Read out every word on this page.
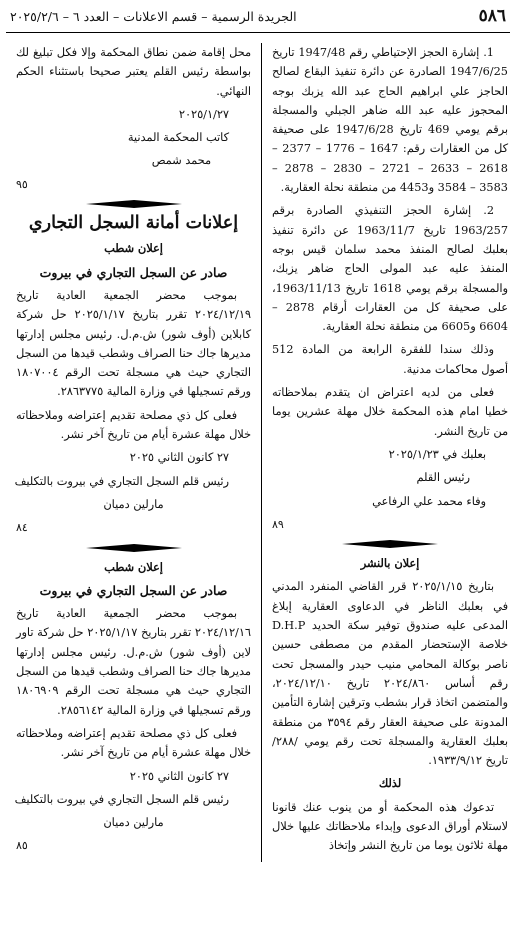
٥٨٦
الجريدة الرسمية – قسم الاعلانات – العدد ٦ – ٢٠٢٥/٢/٦

1. إشارة الحجز الإحتياطي رقم 1947/48 تاريخ 1947/6/25 الصادرة عن دائرة تنفيذ البقاع لصالح الحاجز علي ابراهيم الحاج عبد الله يزبك بوجه المحجوز عليه عبد الله ضاهر الجبلي والمسجلة برقم يومي 469 تاريخ 1947/6/28 على صحيفة كل من العقارات رقم: 1647 – 1776 – 2377 – 2618 – 2633 – 2721 – 2830 – 2878 – 3583 – 3584 و4453 من منطقة نحلة العقارية.

2. إشارة الحجز التنفيذي الصادرة برقم 1963/257 تاريخ 1963/11/7 عن دائرة تنفيذ بعلبك لصالح المنفذ محمد سلمان قيس بوجه المنفذ عليه عبد المولى الحاج ضاهر يزبك، والمسجلة برقم يومي 1618 تاريخ 1963/11/13، على صحيفة كل من العقارات أرقام 2878 – 6604 و6605 من منطقة نحلة العقارية.

وذلك سندا للفقرة الرابعة من المادة 512 أصول محاكمات مدنية.

فعلى من لديه اعتراض ان يتقدم بملاحظاته خطيا امام هذه المحكمة خلال مهلة عشرين يوما من تاريخ النشر.

بعلبك في ٢٠٢٥/١/٢٣

رئيس القلم

وفاء محمد علي الرفاعي

٨٩

إعلان بالنشر

بتاريخ ٢٠٢٥/١/١٥ قرر القاضي المنفرد المدني في بعلبك الناظر في الدعاوى العقارية إبلاغ المدعى عليه صندوق توفير سكة الحديد D.H.P خلاصة الإستحضار المقدم من مصطفى حسين ناصر بوكالة المحامي منيب حيدر والمسجل تحت رقم أساس ٢٠٢٤/٨٦٠ تاريخ ٢٠٢٤/١٢/١٠، والمتضمن اتخاذ قرار بشطب وترقين إشارة التأمين المدونة على صحيفة العقار رقم ٣٥٩٤ من منطقة بعلبك العقارية والمسجلة تحت رقم يومي /٢٨٨/ تاريخ ١٩٣٣/٩/١٢.

لذلك

تدعوك هذه المحكمة أو من ينوب عنك قانونا لاستلام أوراق الدعوى وإبداء ملاحظاتك عليها خلال مهلة ثلاثون يوما من تاريخ النشر وإتخاذ

محل إقامة ضمن نطاق المحكمة وإلا فكل تبليغ لك بواسطة رئيس القلم يعتبر صحيحا باستثناء الحكم النهائي.

٢٠٢٥/١/٢٧

كاتب المحكمة المدنية

محمد شمص

٩٥
إعلانات أمانة السجل التجاري

إعلان شطب

صادر عن السجل التجاري في بيروت

بموجب محضر الجمعية العادية تاريخ ٢٠٢٤/١٢/١٩ تقرر بتاريخ ٢٠٢٥/١/١٧ حل شركة كابلاين (أوف شور) ش.م.ل. رئيس مجلس إدارتها مديرها جاك حنا الصراف وشطب قيدها من السجل التجاري حيث هي مسجلة تحت الرقم ١٨٠٧٠٠٤ ورقم تسجيلها في وزارة المالية ٢٨٦٣٧٧٥.

فعلى كل ذي مصلحة تقديم إعتراضه وملاحظاته خلال مهلة عشرة أيام من تاريخ آخر نشر.

٢٧ كانون الثاني ٢٠٢٥

رئيس قلم السجل التجاري في بيروت بالتكليف

مارلين دميان

٨٤

إعلان شطب

صادر عن السجل التجاري في بيروت

بموجب محضر الجمعية العادية تاريخ ٢٠٢٤/١٢/١٦ تقرر بتاريخ ٢٠٢٥/١/١٧ حل شركة تاور لاين (أوف شور) ش.م.ل. رئيس مجلس إدارتها مديرها جاك حنا الصراف وشطب قيدها من السجل التجاري حيث هي مسجلة تحت الرقم ١٨٠٦٩٠٩ ورقم تسجيلها في وزارة المالية ٢٨٥٦١٤٢.

فعلى كل ذي مصلحة تقديم إعتراضه وملاحظاته خلال مهلة عشرة أيام من تاريخ آخر نشر.

٢٧ كانون الثاني ٢٠٢٥

رئيس قلم السجل التجاري في بيروت بالتكليف

مارلين دميان

٨٥
